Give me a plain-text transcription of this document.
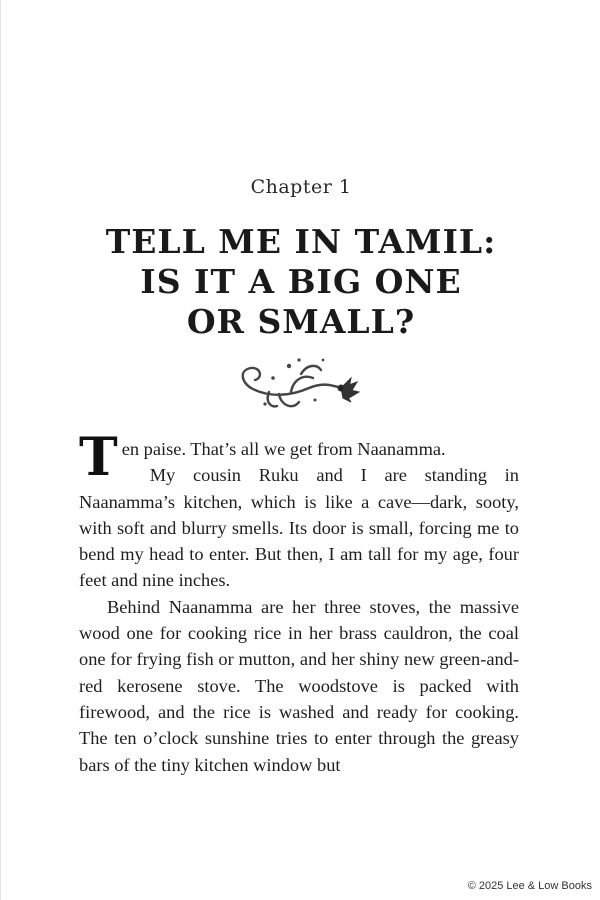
Chapter 1
TELL ME IN TAMIL:
IS IT A BIG ONE
OR SMALL?

Ten paise. That’s all we get from Naanamma.

My cousin Ruku and I are standing in Naanamma’s kitchen, which is like a cave—dark, sooty, with soft and blurry smells. Its door is small, forcing me to bend my head to enter. But then, I am tall for my age, four feet and nine inches.

Behind Naanamma are her three stoves, the massive wood one for cooking rice in her brass cauldron, the coal one for frying fish or mutton, and her shiny new green-and-red kerosene stove. The woodstove is packed with firewood, and the rice is washed and ready for cooking. The ten o’clock sunshine tries to enter through the greasy bars of the tiny kitchen window but

© 2025 Lee & Low Books
